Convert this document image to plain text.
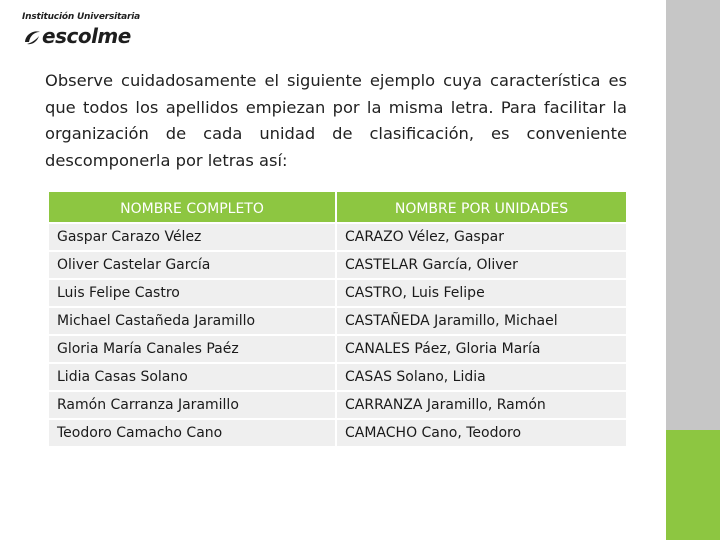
Institución Universitaria
escolme
Observe cuidadosamente el siguiente ejemplo cuya característica es que todos los apellidos empiezan por la misma letra. Para facilitar la organización de cada unidad de clasificación, es conveniente descomponerla por letras así:
NOMBRE COMPLETO	NOMBRE POR UNIDADES
Gaspar Carazo Vélez	CARAZO Vélez, Gaspar
Oliver Castelar García	CASTELAR García, Oliver
Luis Felipe Castro	CASTRO, Luis Felipe
Michael Castañeda Jaramillo	CASTAÑEDA Jaramillo, Michael
Gloria María Canales Paéz	CANALES Páez, Gloria María
Lidia Casas Solano	CASAS Solano, Lidia
Ramón Carranza Jaramillo	CARRANZA Jaramillo, Ramón
Teodoro Camacho Cano	CAMACHO Cano, Teodoro
